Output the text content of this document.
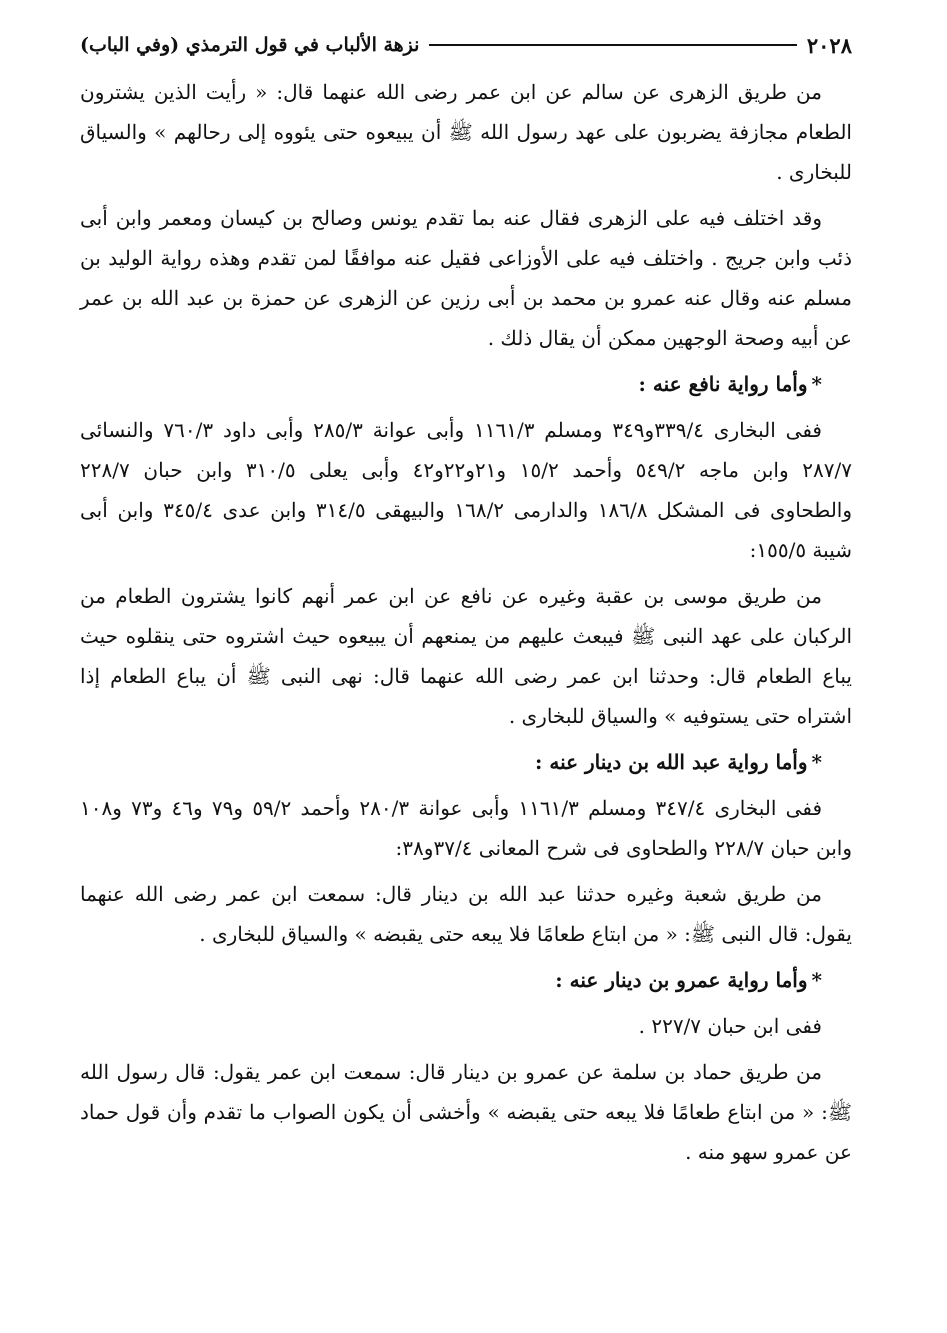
٢٠٢٨
نزهة الألباب في قول الترمذي (وفي الباب)

من طريق الزهرى عن سالم عن ابن عمر رضى الله عنهما قال: « رأيت الذين يشترون الطعام مجازفة يضربون على عهد رسول الله ﷺ أن يبيعوه حتى يئووه إلى رحالهم » والسياق للبخارى .

وقد اختلف فيه على الزهرى فقال عنه بما تقدم يونس وصالح بن كيسان ومعمر وابن أبى ذئب وابن جريج . واختلف فيه على الأوزاعى فقيل عنه موافقًا لمن تقدم وهذه رواية الوليد بن مسلم عنه وقال عنه عمرو بن محمد بن أبى رزين عن الزهرى عن حمزة بن عبد الله بن عمر عن أبيه وصحة الوجهين ممكن أن يقال ذلك .

*وأما رواية نافع عنه :

ففى البخارى ٣٣٩/٤و٣٤٩ ومسلم ١١٦١/٣ وأبى عوانة ٢٨٥/٣ وأبى داود ٧٦٠/٣ والنسائى ٢٨٧/٧ وابن ماجه ٥٤٩/٢ وأحمد ١٥/٢ و٢١و٢٢و٤٢ وأبى يعلى ٣١٠/٥ وابن حبان ٢٢٨/٧ والطحاوى فى المشكل ١٨٦/٨ والدارمى ١٦٨/٢ والبيهقى ٣١٤/٥ وابن عدى ٣٤٥/٤ وابن أبى شيبة ١٥٥/٥:

من طريق موسى بن عقبة وغيره عن نافع عن ابن عمر أنهم كانوا يشترون الطعام من الركبان على عهد النبى ﷺ فيبعث عليهم من يمنعهم أن يبيعوه حيث اشتروه حتى ينقلوه حيث يباع الطعام قال: وحدثنا ابن عمر رضى الله عنهما قال: نهى النبى ﷺ أن يباع الطعام إذا اشتراه حتى يستوفيه » والسياق للبخارى .

*وأما رواية عبد الله بن دينار عنه :

ففى البخارى ٣٤٧/٤ ومسلم ١١٦١/٣ وأبى عوانة ٢٨٠/٣ وأحمد ٥٩/٢ و٧٩ و٤٦ و٧٣ و١٠٨ وابن حبان ٢٢٨/٧ والطحاوى فى شرح المعانى ٣٧/٤و٣٨:

من طريق شعبة وغيره حدثنا عبد الله بن دينار قال: سمعت ابن عمر رضى الله عنهما يقول: قال النبى ﷺ: « من ابتاع طعامًا فلا يبعه حتى يقبضه » والسياق للبخارى .

*وأما رواية عمرو بن دينار عنه :

ففى ابن حبان ٢٢٧/٧ .

من طريق حماد بن سلمة عن عمرو بن دينار قال: سمعت ابن عمر يقول: قال رسول الله ﷺ: « من ابتاع طعامًا فلا يبعه حتى يقبضه » وأخشى أن يكون الصواب ما تقدم وأن قول حماد عن عمرو سهو منه .
